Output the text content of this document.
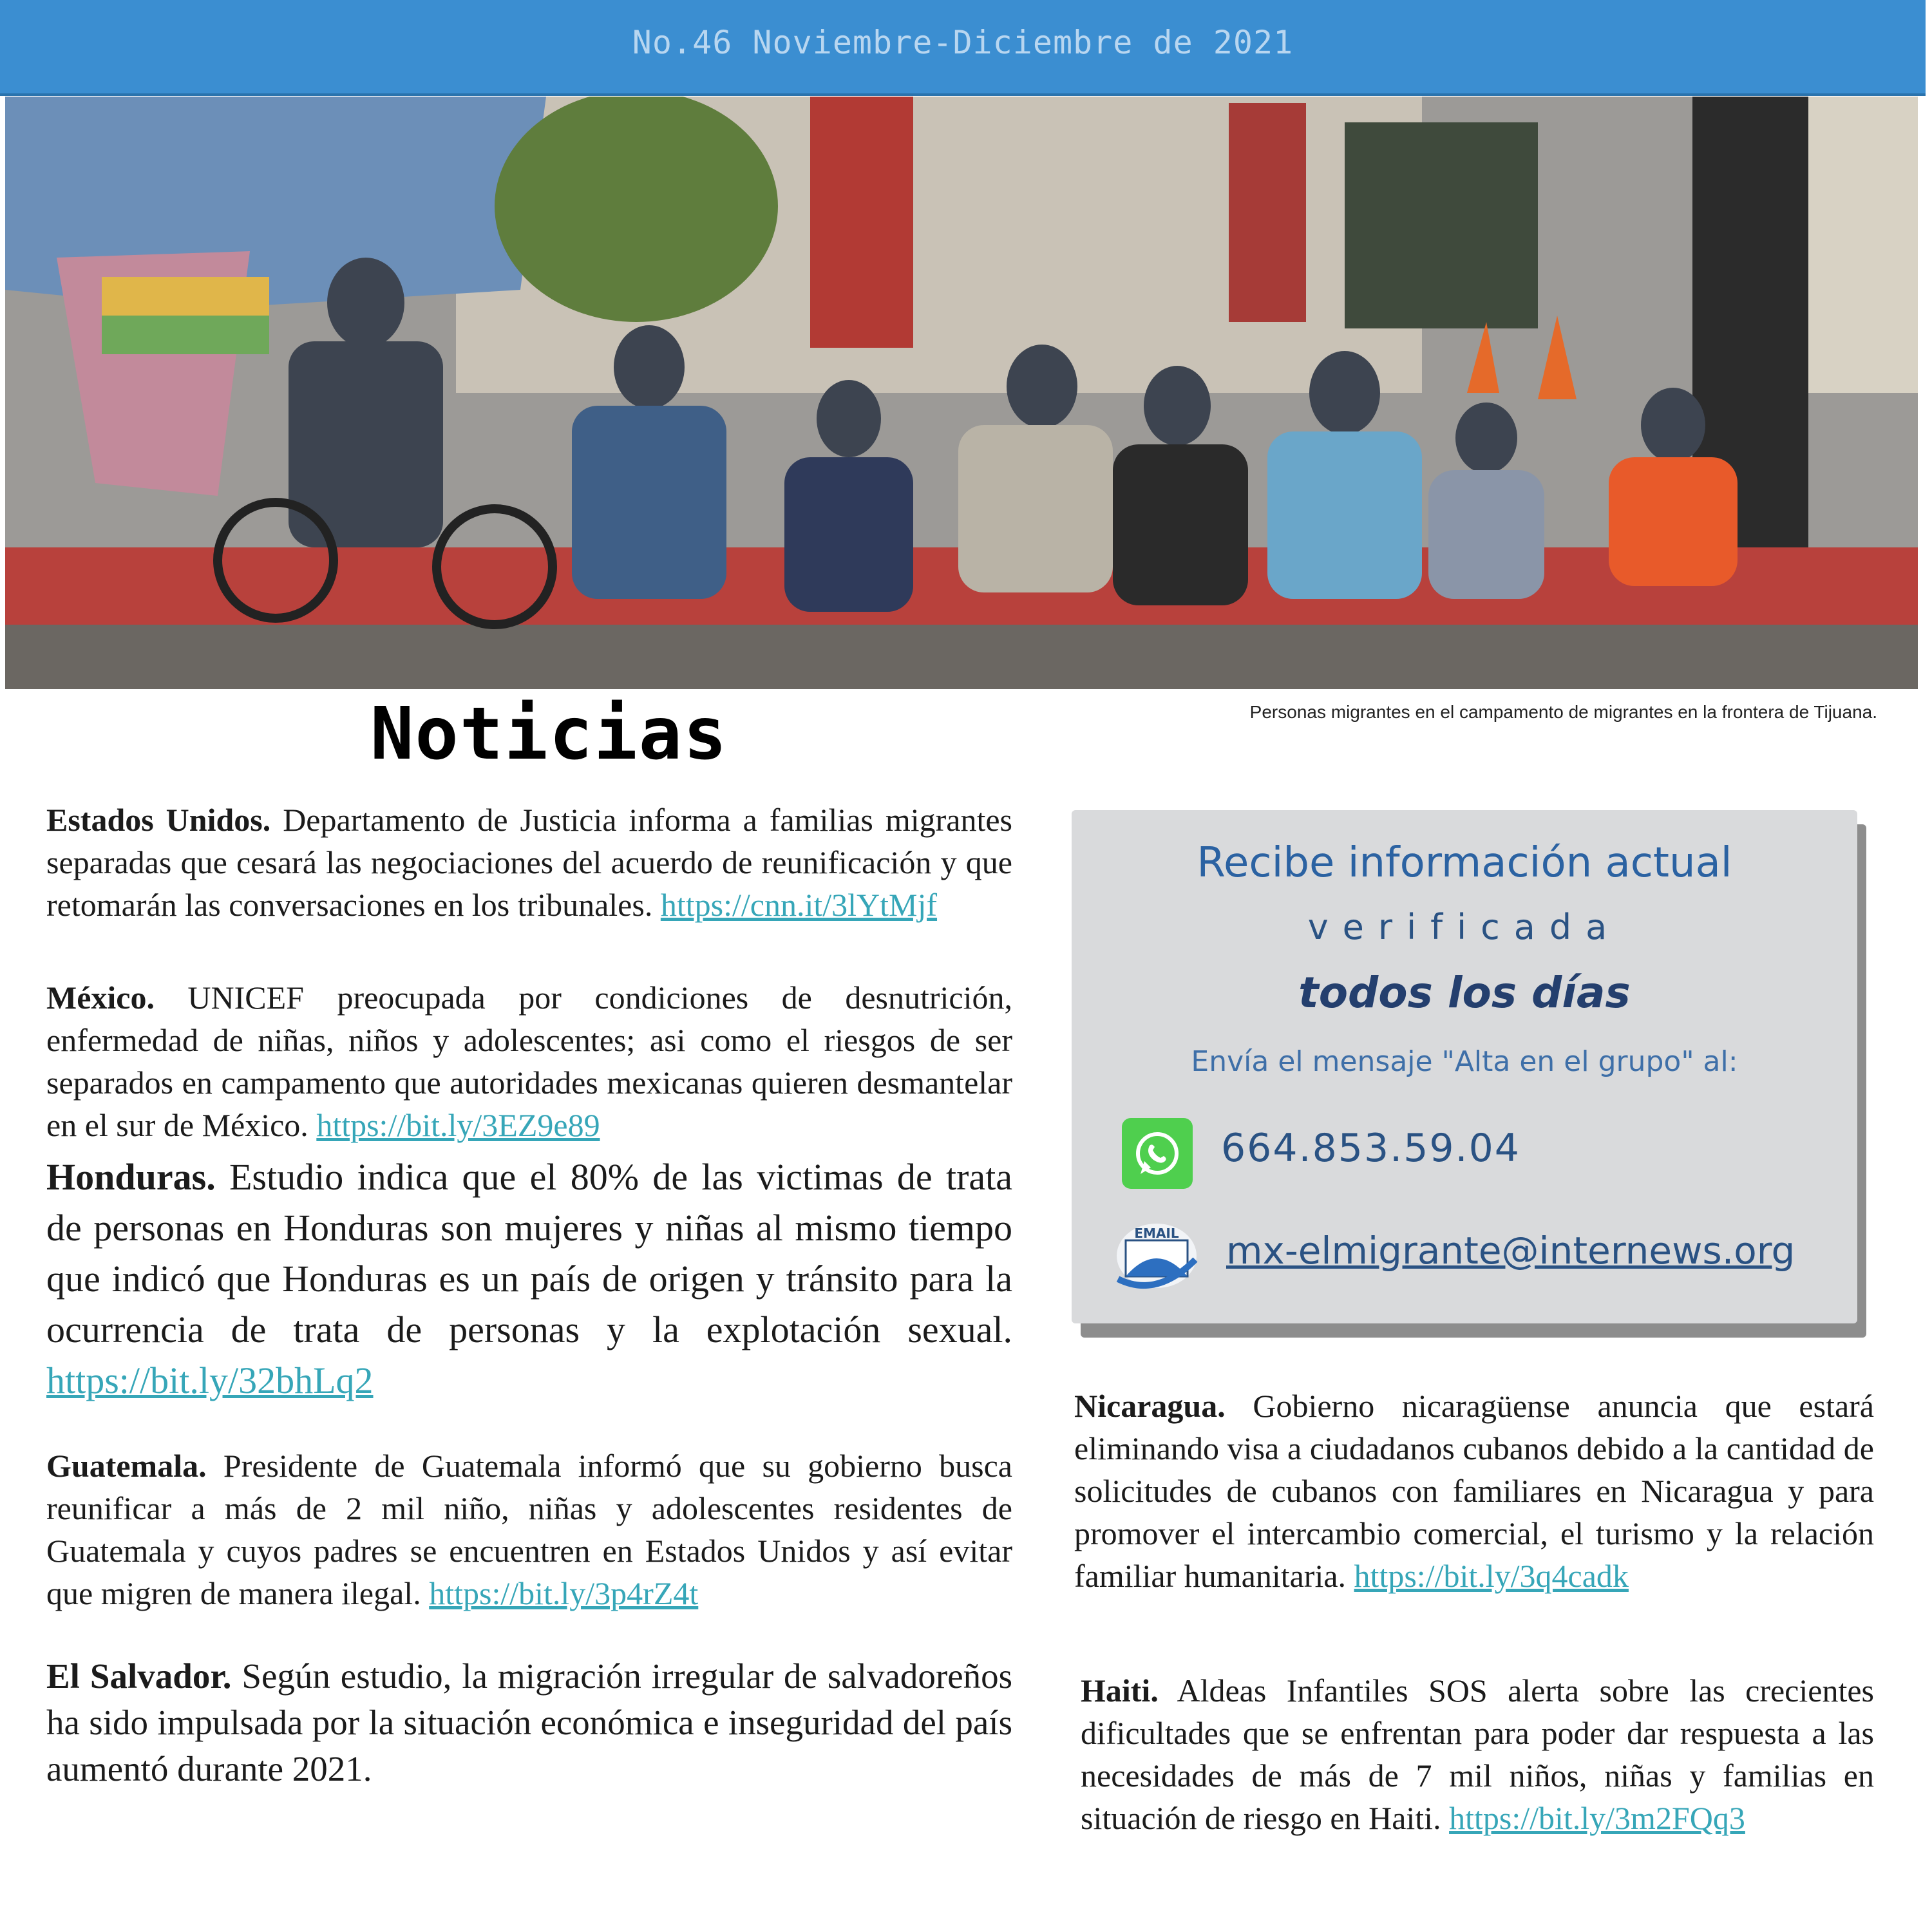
No.46 Noviembre-Diciembre de 2021
Noticias	Personas migrantes en el campamento de migrantes en la frontera de Tijuana.

Estados Unidos. Departamento de Justicia informa a familias migrantes separadas que cesará las negociaciones del acuerdo de reunificación y que retomarán las conversaciones en los tribunales. https://cnn.it/3lYtMjf

México. UNICEF preocupada por condiciones de desnutrición, enfermedad de niñas, niños y adolescentes; asi como el riesgos de ser separados en campamento que autoridades mexicanas quieren desmantelar en el sur de México. https://bit.ly/3EZ9e89

Honduras. Estudio indica que el 80% de las victimas de trata de personas en Honduras son mujeres y niñas al mismo tiempo que indicó que Honduras es un país de origen y tránsito para la ocurrencia de trata de personas y la explotación sexual. https://bit.ly/32bhLq2

Guatemala. Presidente de Guatemala informó que su gobierno busca reunificar a más de 2 mil niño, niñas y adolescentes residentes de Guatemala y cuyos padres se encuentren en Estados Unidos y así evitar que migren de manera ilegal. https://bit.ly/3p4rZ4t

El Salvador. Según estudio, la migración irregular de salvadoreños ha sido impulsada por la situación económica e inseguridad del país aumentó durante 2021.

Recibe información actual
verificada
todos los días
Envía el mensaje "Alta en el grupo" al:
664.853.59.04
EMAIL mx-elmigrante@internews.org

Nicaragua. Gobierno nicaragüense anuncia que estará eliminando visa a ciudadanos cubanos debido a la cantidad de solicitudes de cubanos con familiares en Nicaragua y para promover el intercambio comercial, el turismo y la relación familiar humanitaria. https://bit.ly/3q4cadk

Haiti. Aldeas Infantiles SOS alerta sobre las crecientes dificultades que se enfrentan para poder dar respuesta a las necesidades de más de 7 mil niños, niñas y familias en situación de riesgo en Haiti. https://bit.ly/3m2FQq3
